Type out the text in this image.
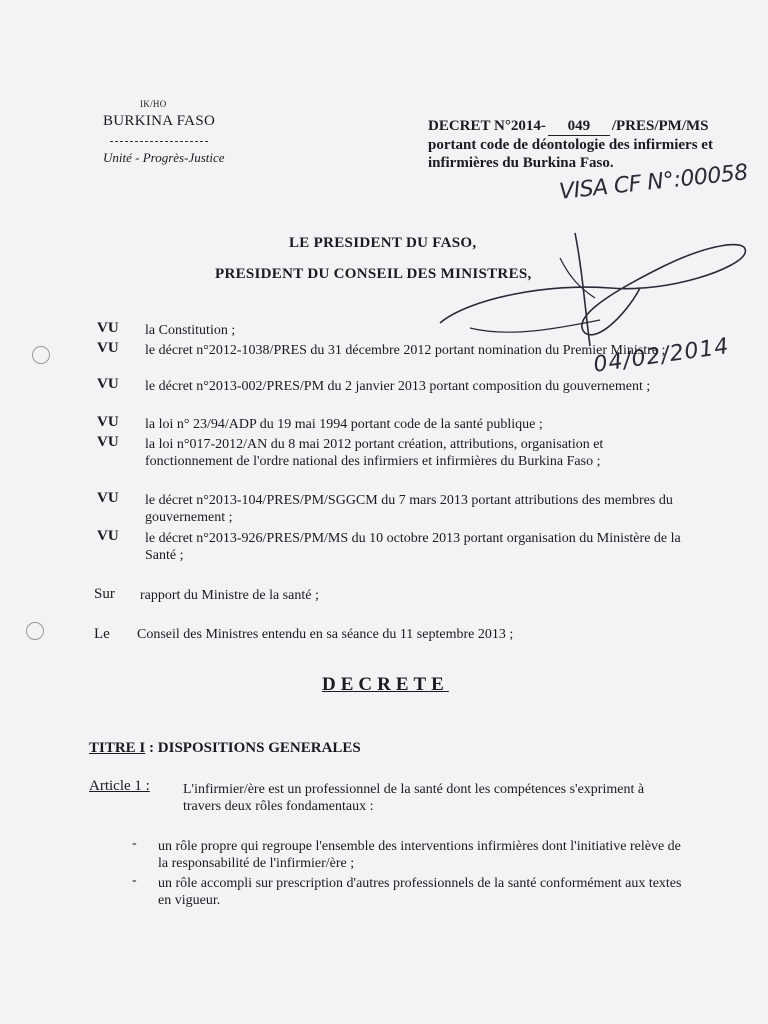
IK/HO
BURKINA FASO
Unité - Progrès-Justice
DECRET N°2014- 049 /PRES/PM/MS
portant code de déontologie des infirmiers et infirmières du Burkina Faso.
VISA CF N°:00058
04/02/2014
LE PRESIDENT DU FASO,
PRESIDENT DU CONSEIL DES MINISTRES,
VU la Constitution ;
VU le décret n°2012-1038/PRES du 31 décembre 2012 portant nomination du Premier Ministre ;
VU le décret n°2013-002/PRES/PM du 2 janvier 2013 portant composition du gouvernement ;
VU la loi n° 23/94/ADP du 19 mai 1994 portant code de la santé publique ;
VU la loi n°017-2012/AN du 8 mai 2012 portant création, attributions, organisation et fonctionnement de l'ordre national des infirmiers et infirmières du Burkina Faso ;
VU le décret n°2013-104/PRES/PM/SGGCM du 7 mars 2013 portant attributions des membres du gouvernement ;
VU le décret n°2013-926/PRES/PM/MS du 10 octobre 2013 portant organisation du Ministère de la Santé ;
Sur rapport du Ministre de la santé ;
Le Conseil des Ministres entendu en sa séance du 11 septembre 2013 ;
DECRETE
TITRE I : DISPOSITIONS GENERALES
Article 1 : L'infirmier/ère est un professionnel de la santé dont les compétences s'expriment à travers deux rôles fondamentaux :
- un rôle propre qui regroupe l'ensemble des interventions infirmières dont l'initiative relève de la responsabilité de l'infirmier/ère ;
- un rôle accompli sur prescription d'autres professionnels de la santé conformément aux textes en vigueur.
